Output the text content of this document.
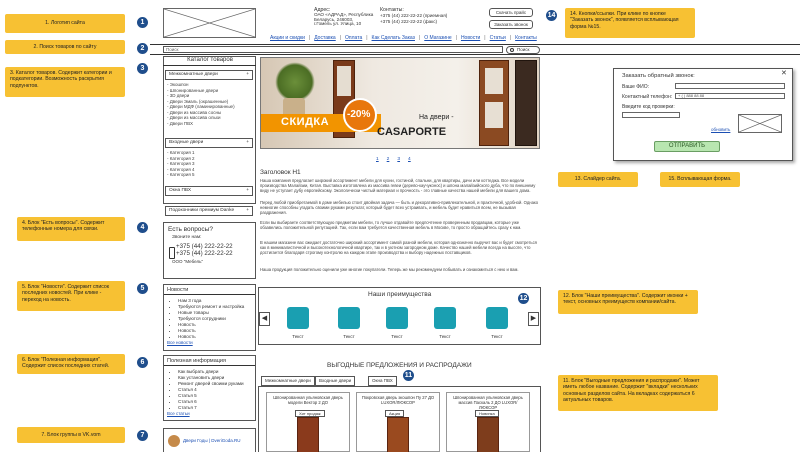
1. Логотип сайта
2. Поиск товаров по сайту
3. Каталог товаров. Содержит категории и подкатегории. Возможность раскрытия подпунктов.
4. Блок "Есть вопросы". Содержит телефонные номера для связи.
5. Блок "Новости". Содержит список последних новостей. При клике - переход на новость.
6. Блок "Полезная информация". Содержит список последних статей.
7. Блок группы в VK.vom
14. Кнопки/ссылки. При клике по кнопке "Заказать звонок", появляется всплывающая форма №15.
13. Слайдер сайта.	15. Всплывающая форма.
12. Блок "Наши преимущества". Содержит иконки + текст, основных преимуществ компании/сайта.
11. Блок "Выгодные предложения и распродажи". Может иметь любое название. Содержит "вкладки" нескольких основных разделов сайта. На вкладках содержаться 6 актуальных товаров.
1
2
3
4
5
6
7
11
12
14
Адрес:
ОАО «АДРАД», Республика
Беларусь, 246003,
г.Гомель ул. Улица, 10
Контакты:
+375 (44) 222-22-22 (приемная)
+375 (44) 222-22-22 (факс)
Скачать прайс
Заказать звонок
Акции и скидки | Доставка | Оплата | Как Сделать Заказ | О Магазине | Новости | Статьи | Контакты
Поиск	Поиск
Каталог товаров
Межкомнатные двери	+
- Экошпон
- Шпонированные двери
- 3D двери
- Двери Эмаль (окрашенные)
- Двери МДФ (ламинированные)
- Двери из массива сосны
- Двери из массива ольхи
- Двери ПВХ
Входные двери	+
- Категория 1
- Категория 2
- Категория 3
- Категория 4
- Категория 5
Окна ПВХ	+
Подоконники премиум Danke	+
Есть вопросы?
Звоните нам:
+375 (44) 222-22-22
+375 (44) 222-22-22
ООО "Мебель"
Новости
• Нам 3 года
• Требуются ремонт и настройка
• Новые товары
• Требуются сотрудники
• Новость
• Новость
• Новость
Все новости
Полезная информация
• Как выбрать двери
• Как установить двери
• Ремонт дверей своими руками
• Статья 4
• Статья 5
• Статья 6
• Статья 7
Все статьи
Двери Годы | DveriGoda.RU
СКИДКА
-20%	На двери -
CASAPORTE
1 2 3 4
Заголовок H1
Наша компания предлагает широкий ассортимент мебели для кухни, гостиной, спальни, для квартиры, дачи или коттеджа. Все модели производства Малайзии, Китая. Выставка изготовлена из массива гевеи (дерево-каучуконос) и шпона малайзийского дуба, что по внешнему виду не уступает дубу европейскому. Экологически чистый материал и прочность - это главные качества нашей мебели для вашего дома.
Перед любой приобретаемой в доме мебелью стоит двойная задача — быть и декоративно-привлекательной, и практичной, удобной. Однако немногие способны угадать своими руками результат, который будет всех устраивать, и мебель будет нравиться всем, не вызывая раздражения.
Если вы выбираете соответствующую предметам мебели, то лучше отдавайте предпочтение проверенным продавцам, которые уже обзавелись положительной репутацией. Так, если вам требуется качественная мебель в Москве, то просто обращайтесь сразу к нам.
В нашем магазине вас ожидает достаточно широкий ассортимент самой разной мебели, которая однозначно выручит вас и будет смотреться как в минималистичной и высокотехнологичной квартире, так и в уютном загородном доме. Качество нашей мебели всегда на высоте, что достигается благодаря строгому контролю на каждом этапе производства и выбору надежных поставщиков.
Наша продукция положительно оценили уже многие покупатели. Теперь же мы рекомендуем побывать и ознакомиться с нею и вам.
Наши преимущества
◀	▶
Текст	Текст	Текст	Текст	Текст
ВЫГОДНЫЕ ПРЕДЛОЖЕНИЯ И РАСПРОДАЖИ
Межкомнатные двери	Входные двери	Окна ПВХ
Шпонированная ульяновская дверь модели Вектор 2 ДО
Хит продаж
Покровская дверь экошпон Пу 27 ДО LUXOR/ЛЮКСОР
Акция
Шпонированная ульяновская дверь массив Паскаль 2 ДО LUXOR/ЛЮКСОР
Новинка
✕
Заказать обратный звонок:
Ваше ФИО:
Контактный телефон:	+ ( ) 888 88 88
Введите код проверки:
обновить
ОТПРАВИТЬ
